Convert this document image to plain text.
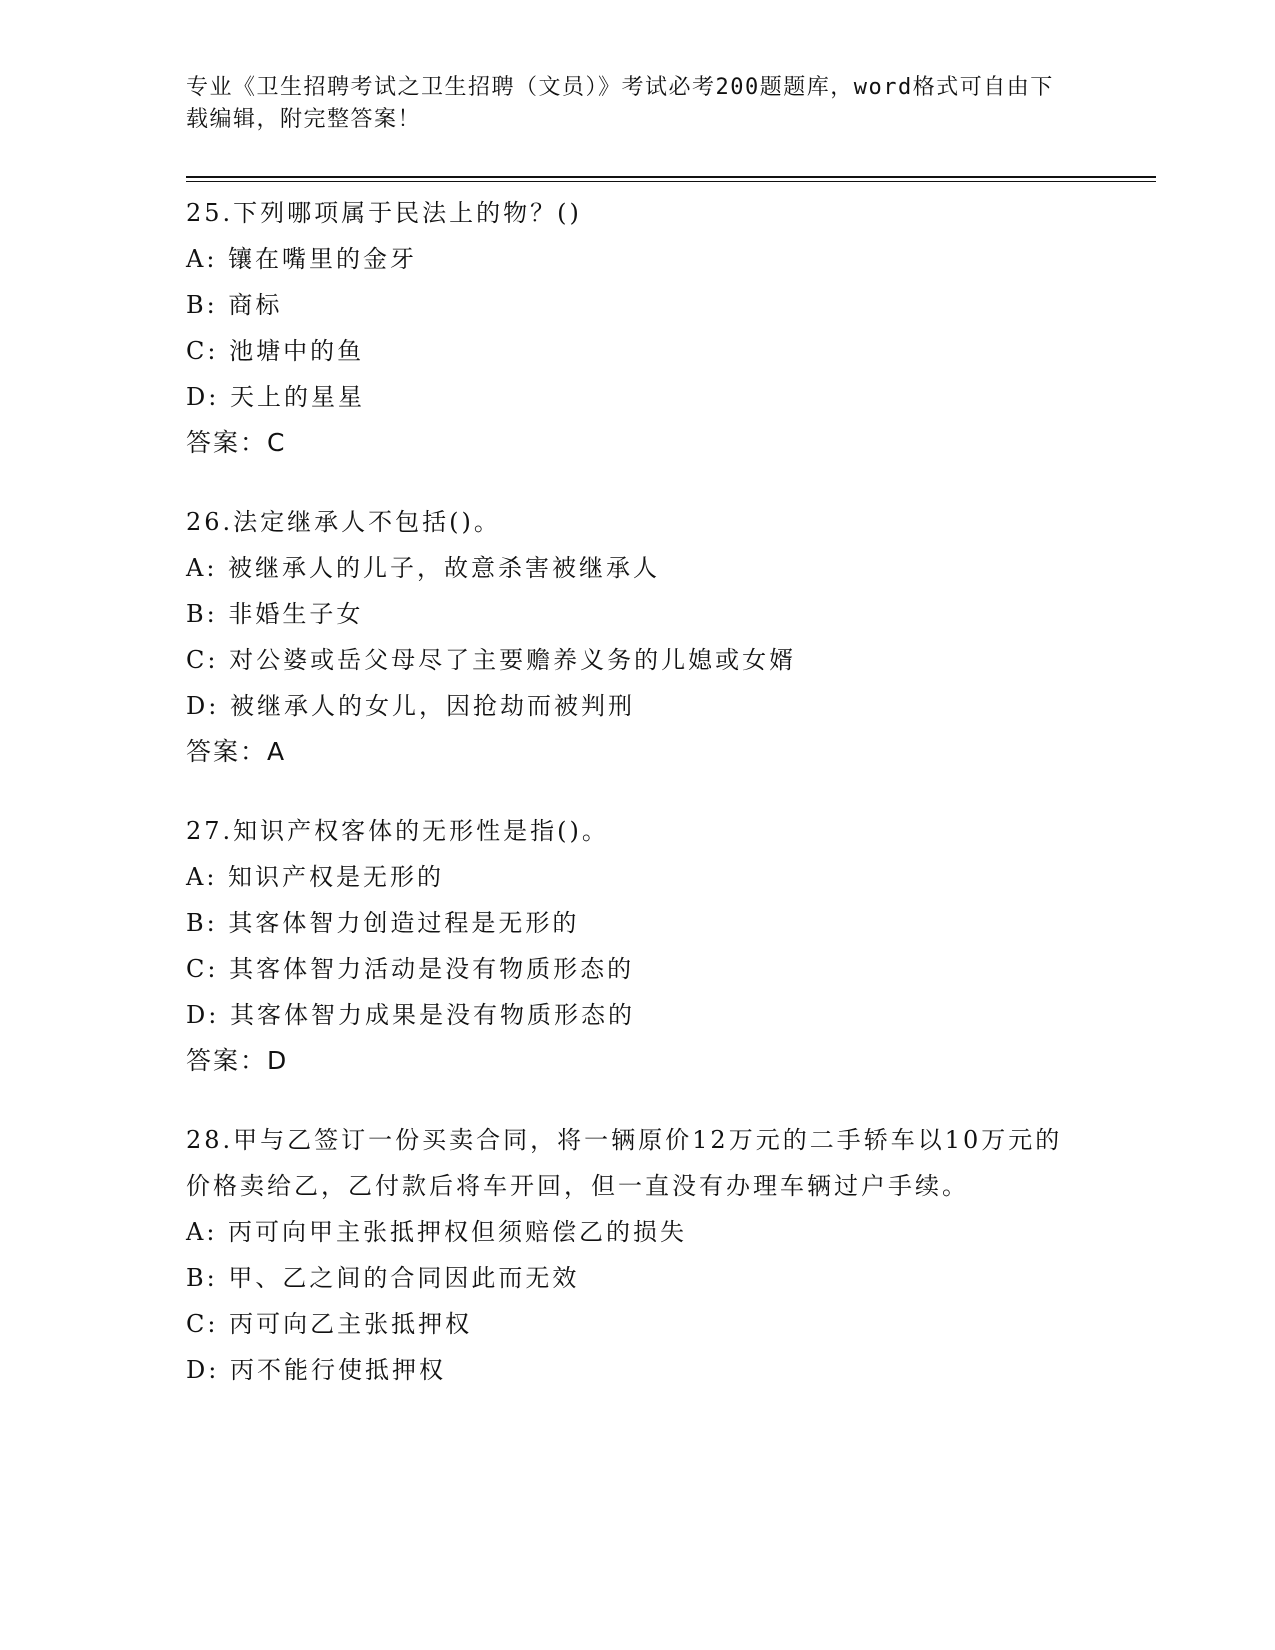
专业《卫生招聘考试之卫生招聘（文员）》考试必考200题题库，word格式可自由下载编辑，附完整答案！
25.下列哪项属于民法上的物？()
A: 镶在嘴里的金牙
B: 商标
C: 池塘中的鱼
D: 天上的星星
答案：C
26.法定继承人不包括()。
A: 被继承人的儿子，故意杀害被继承人
B: 非婚生子女
C: 对公婆或岳父母尽了主要赡养义务的儿媳或女婿
D: 被继承人的女儿，因抢劫而被判刑
答案：A
27.知识产权客体的无形性是指()。
A: 知识产权是无形的
B: 其客体智力创造过程是无形的
C: 其客体智力活动是没有物质形态的
D: 其客体智力成果是没有物质形态的
答案：D
28.甲与乙签订一份买卖合同，将一辆原价12万元的二手轿车以10万元的价格卖给乙，乙付款后将车开回，但一直没有办理车辆过户手续。
A: 丙可向甲主张抵押权但须赔偿乙的损失
B: 甲、乙之间的合同因此而无效
C: 丙可向乙主张抵押权
D: 丙不能行使抵押权
